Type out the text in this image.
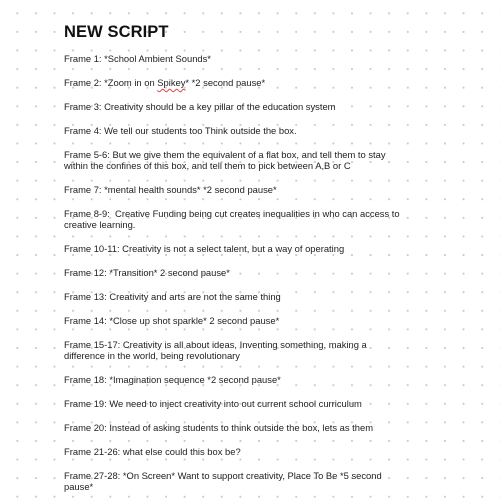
NEW SCRIPT

Frame 1: *School Ambient Sounds*

Frame 2: *Zoom in on Spikey* *2 second pause*

Frame 3: Creativity should be a key pillar of the education system

Frame 4: We tell our students too Think outside the box.

Frame 5-6: But we give them the equivalent of a flat box, and tell them to stay within the confines of this box, and tell them to pick between A,B or C

Frame 7: *mental health sounds* *2 second pause*

Frame 8-9:  Creative Funding being cut creates inequalities in who can access to creative learning.

Frame 10-11: Creativity is not a select talent, but a way of operating

Frame 12: *Transition* 2 second pause*

Frame 13: Creativity and arts are not the same thing

Frame 14: *Close up shot sparkle* 2 second pause*

Frame 15-17: Creativity is all about ideas, Inventing something, making a difference in the world, being revolutionary

Frame 18: *Imagination sequence *2 second pause*

Frame 19: We need to inject creativity into out current school curriculum

Frame 20: Instead of asking students to think outside the box, lets as them

Frame 21-26: what else could this box be?

Frame 27-28: *On Screen* Want to support creativity, Place To Be *5 second pause*
